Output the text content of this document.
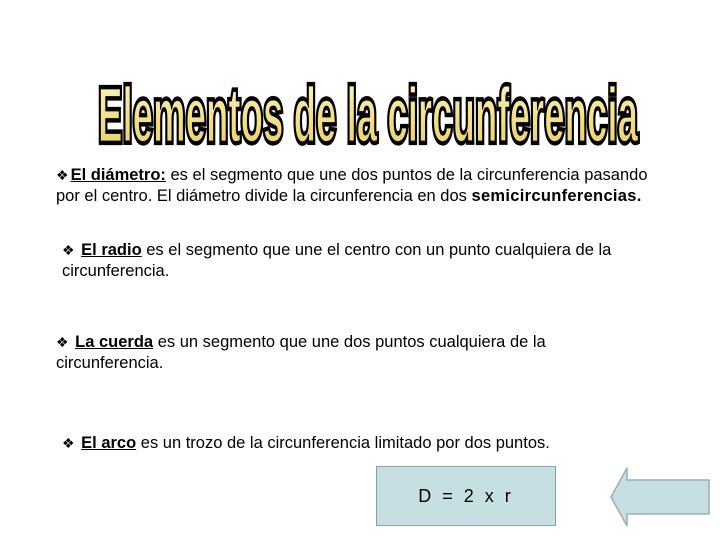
Elementos de la circunferencia
Elementos de la circunferencia
❖ El diámetro: es el segmento que une dos puntos de la circunferencia pasando
por el centro. El diámetro divide la circunferencia en dos semicircunferencias.
❖ El radio es el segmento que une el centro con un punto cualquiera de la
circunferencia.
❖ La cuerda es un segmento que une dos puntos cualquiera de la
circunferencia.
❖ El arco es un trozo de la circunferencia limitado por dos puntos.
D = 2 x r
